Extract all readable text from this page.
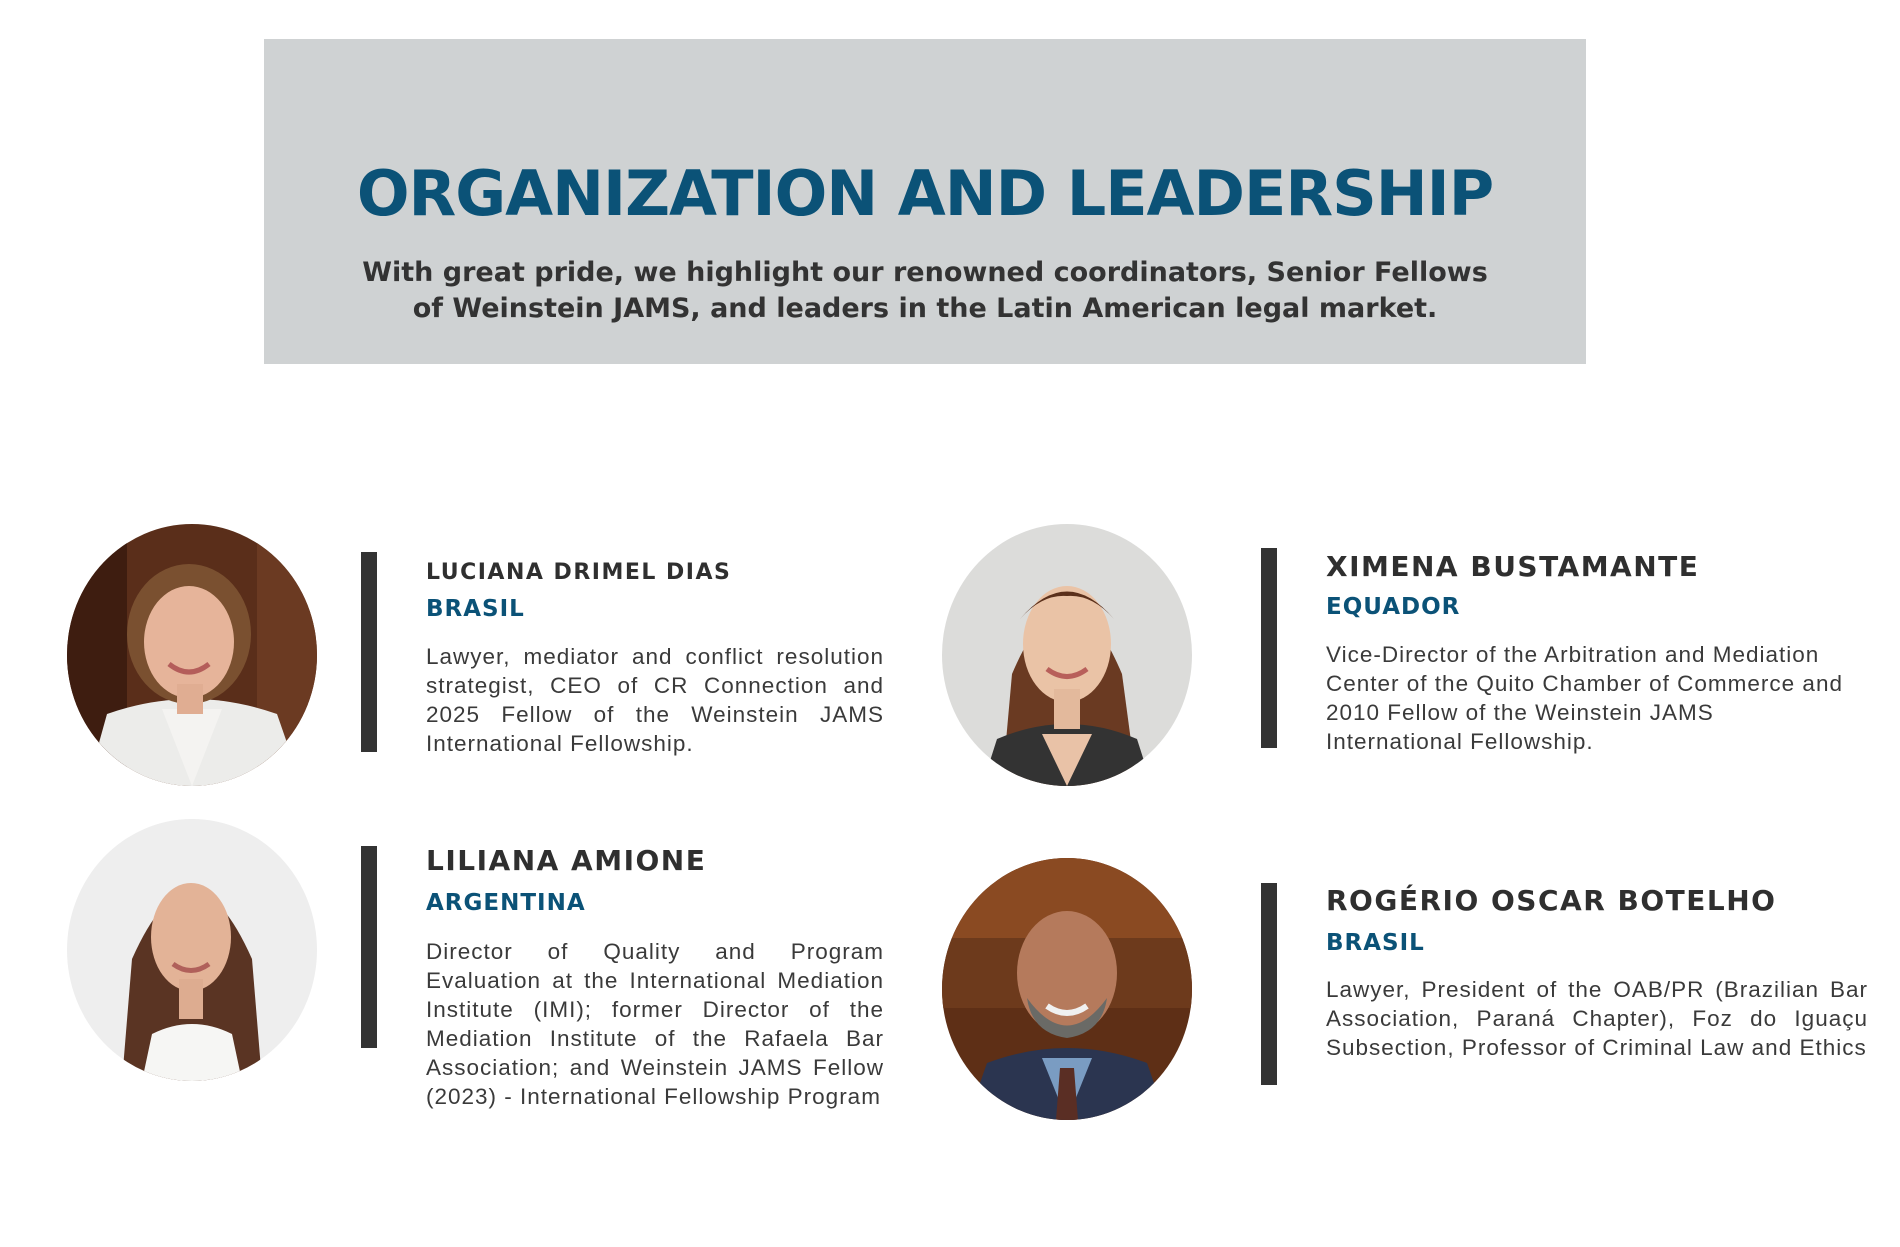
ORGANIZATION AND LEADERSHIP
With great pride, we highlight our renowned coordinators, Senior Fellows of Weinstein JAMS, and leaders in the Latin American legal market.
LUCIANA DRIMEL DIAS
BRASIL
Lawyer, mediator and conflict resolution strategist, CEO of CR Connection and 2025 Fellow of the Weinstein JAMS International Fellowship.
XIMENA BUSTAMANTE
EQUADOR
Vice-Director of the Arbitration and Mediation Center of the Quito Chamber of Commerce and 2010 Fellow of the Weinstein JAMS International Fellowship.
LILIANA AMIONE
ARGENTINA
Director of Quality and Program Evaluation at the International Mediation Institute (IMI); former Director of the Mediation Institute of the Rafaela Bar Association; and Weinstein JAMS Fellow (2023) - International Fellowship Program
ROGÉRIO OSCAR BOTELHO
BRASIL
Lawyer, President of the OAB/PR (Brazilian Bar Association, Paraná Chapter), Foz do Iguaçu Subsection, Professor of Criminal Law and Ethics
